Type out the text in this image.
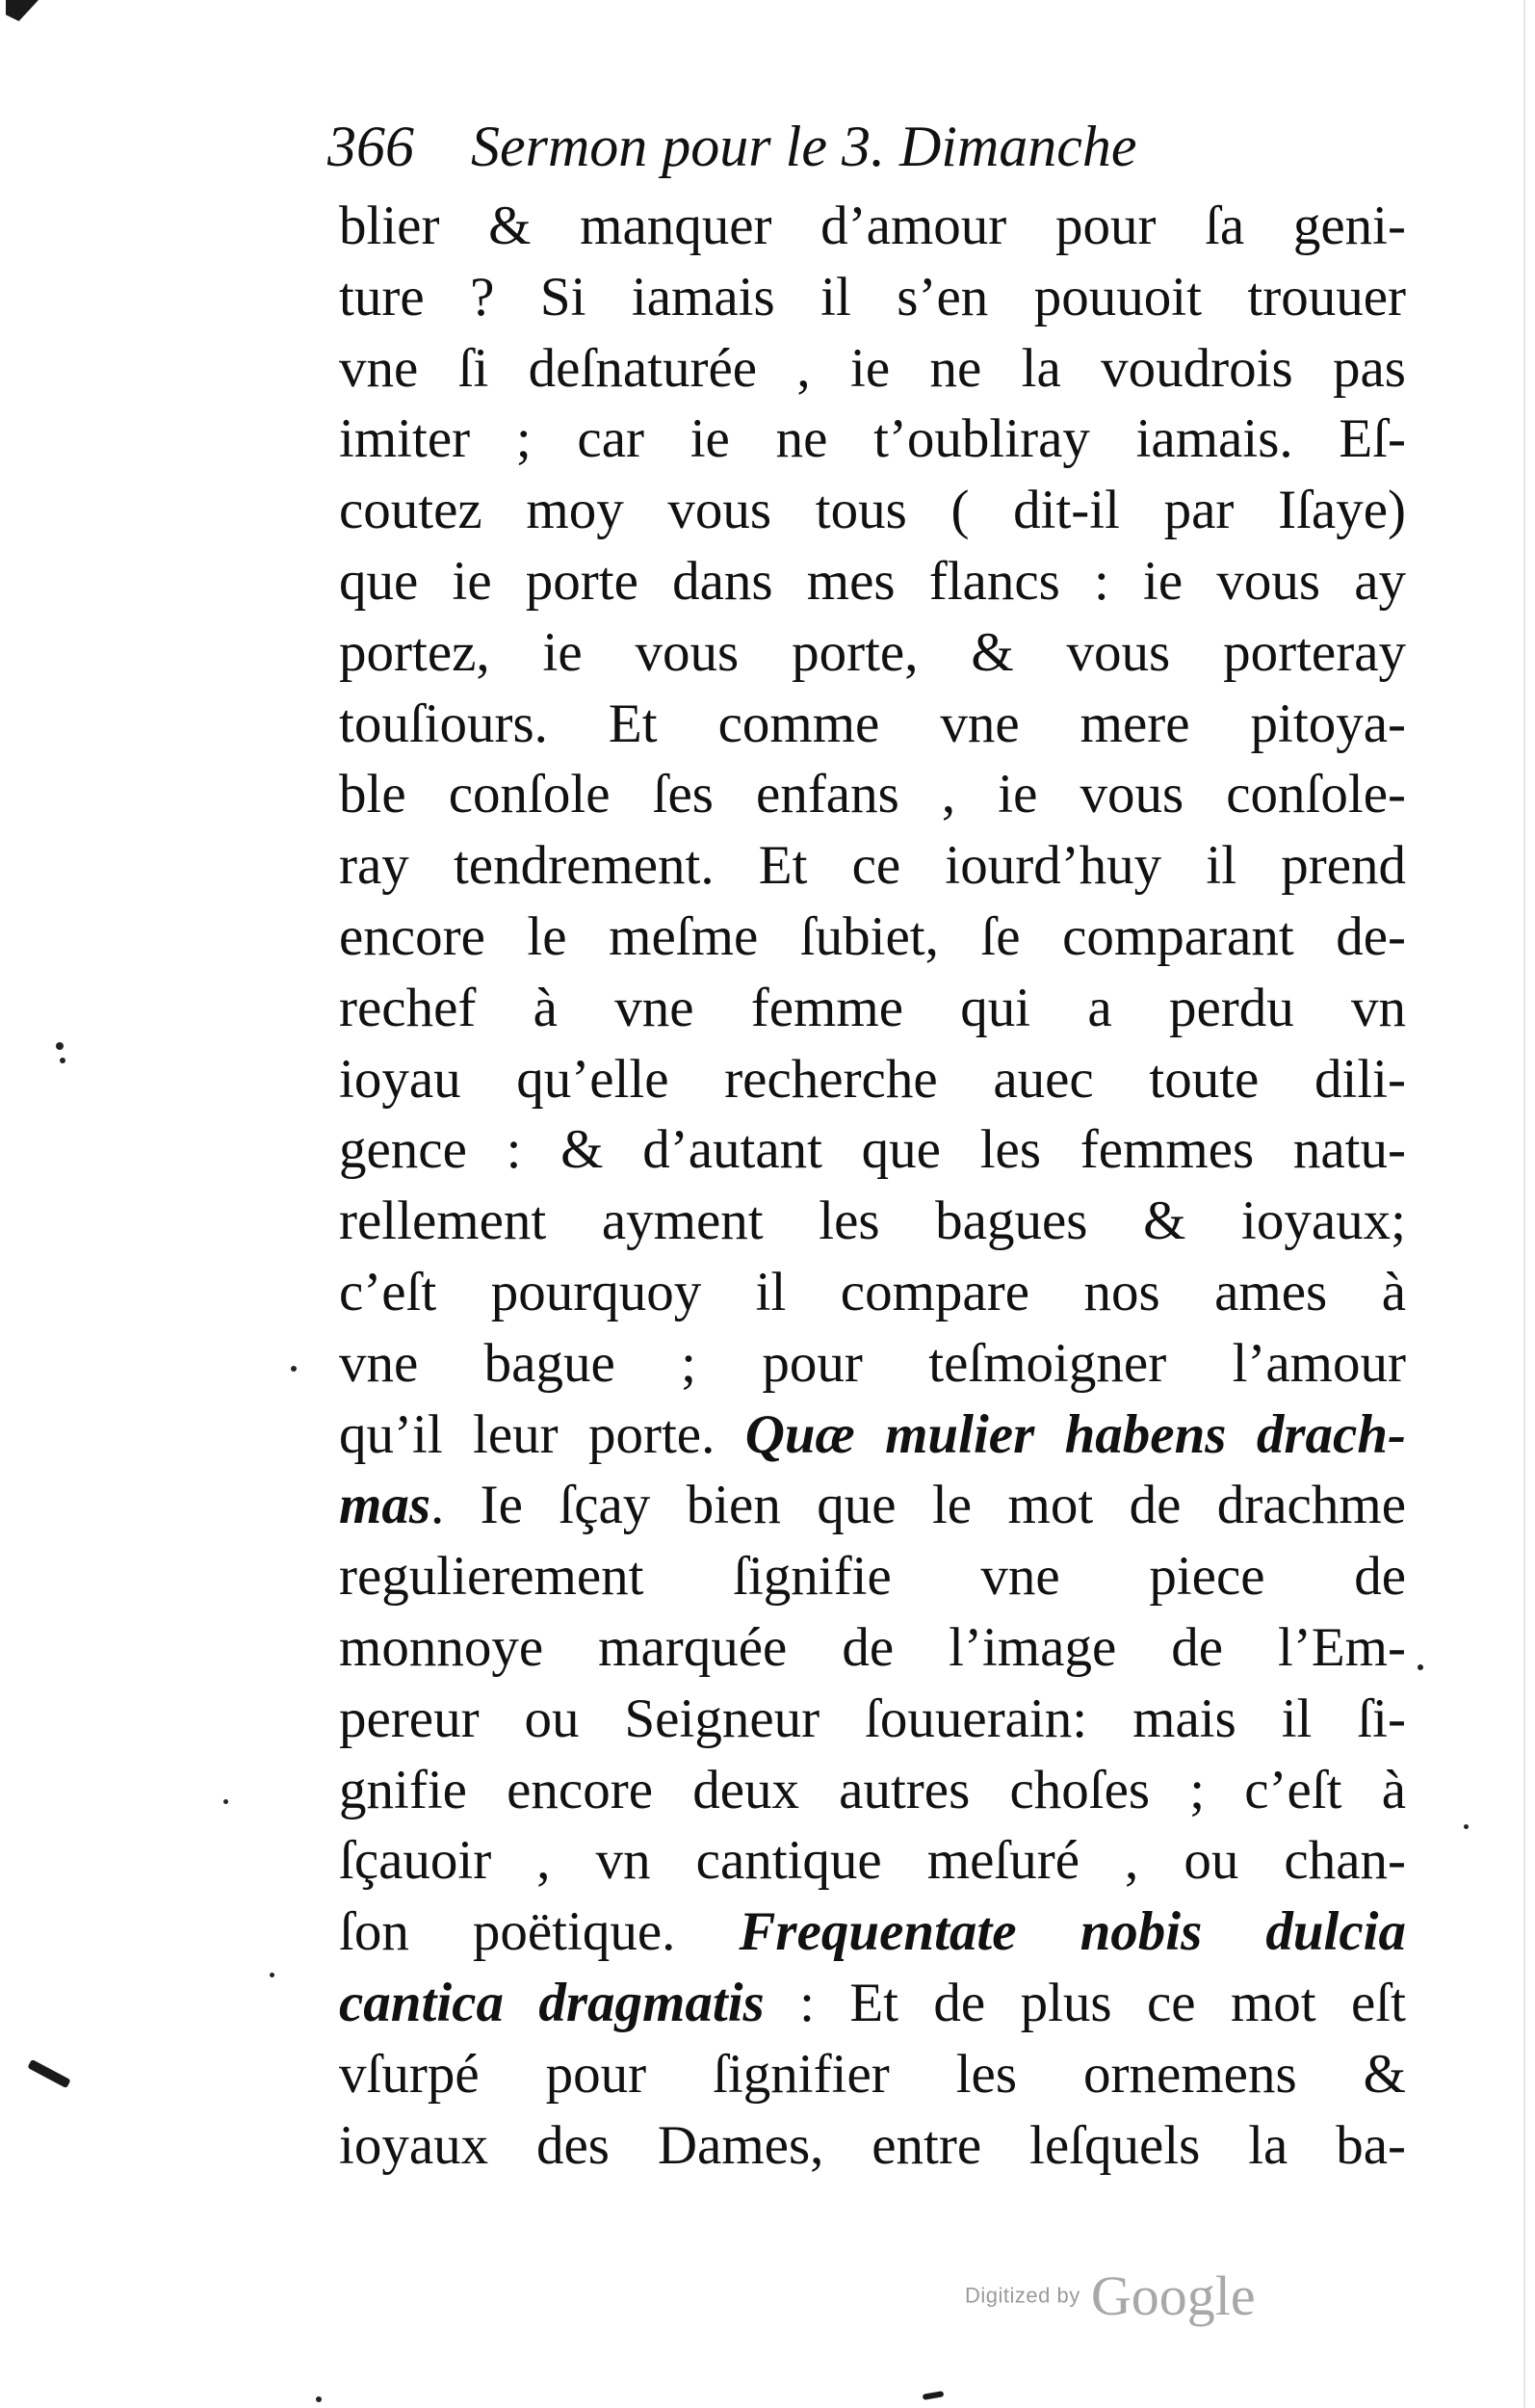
366 Sermon pour le 3. Dimanche
blier & manquer d’amour pour ſa geni-
ture ? Si iamais il s’en pouuoit trouuer
vne ſi deſnaturée , ie ne la voudrois pas
imiter ; car ie ne t’oubliray iamais. Eſ-
coutez moy vous tous ( dit-il par Iſaye)
que ie porte dans mes flancs : ie vous ay
portez, ie vous porte, & vous porteray
touſiours. Et comme vne mere pitoya-
ble conſole ſes enfans , ie vous conſole-
ray tendrement. Et ce iourd’huy il prend
encore le meſme ſubiet, ſe comparant de-
rechef à vne femme qui a perdu vn
ioyau qu’elle recherche auec toute dili-
gence : & d’autant que les femmes natu-
rellement ayment les bagues & ioyaux;
c’eſt pourquoy il compare nos ames à
vne bague ; pour teſmoigner l’amour
qu’il leur porte. Quæ mulier habens drach-
mas. Ie ſçay bien que le mot de drachme
regulierement ſignifie vne piece de
monnoye marquée de l’image de l’Em-
pereur ou Seigneur ſouuerain: mais il ſi-
gnifie encore deux autres choſes ; c’eſt à
ſçauoir , vn cantique meſuré , ou chan-
ſon poëtique. Frequentate nobis dulcia
cantica dragmatis : Et de plus ce mot eſt
vſurpé pour ſignifier les ornemens &
ioyaux des Dames, entre leſquels la ba-
Digitized by Google
